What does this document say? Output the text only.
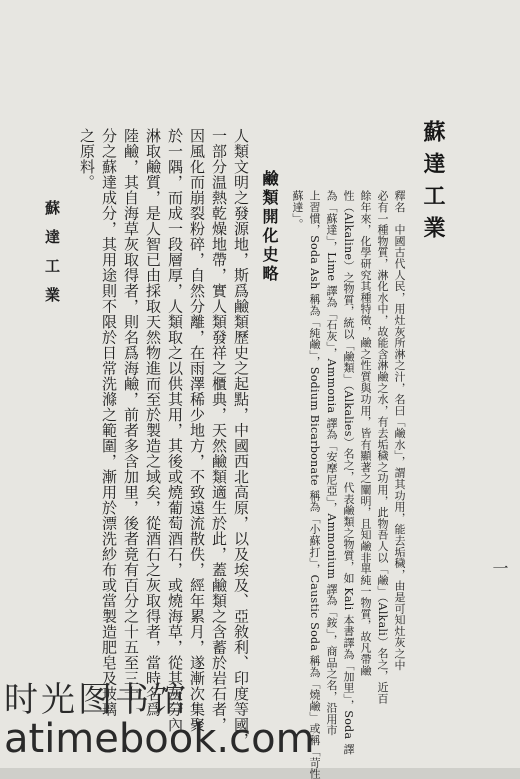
蘇達工業
釋名　中國古代人民，用灶灰所淋之汁，名曰「鹼水」，謂其功用，能去垢穢，由是可知灶灰之中
必有一種物質，淋化水中，故能含淋鹼之水，有去垢穢之功用，此物吾人以「鹼」（Alkali）名之，近百
餘年來，化學研究其種特徵，鹼之性質與功用，皆有顯著之闡明，且知鹼非單純一物質，故凡帶鹼
性（Alkaline）之物質，統以「鹼類」（Alkalies）名之，代表鹼類之物質，如 Kali 本書譯為「加里」，Soda 譯
為「蘇達」，Lime 譯為「石灰」，Ammonia 譯為「安摩尼亞」，Ammonium 譯為「銨」，商品之名，沿用市
上習慣，Soda Ash 稱為「純鹼」，Sodium Bicarbonate 稱為「小蘇打」，Caustic Soda 稱為「燒鹼」或稱「苛性
蘇達」。
鹼類開化史略
人類文明之發源地，斯爲鹼類歷史之起點，中國西北高原，以及埃及、亞敘利、印度等國，
一部分温熱乾燥地帶，實人類發祥之櫃典，天然鹼類適生於此，蓋鹼類之含蓄於岩石者，
因風化而崩裂粉碎，自然分離，在雨澤稀少地方，不致遠流散佚，經年累月，遂漸次集聚
於一隅，而成一段層厚，人類取之以供其用，其後或燒葡萄酒石，或燒海草，從其灰分內
淋取鹼質，是人智已由採取天然物進而至於製造之域矣，從酒石之灰取得者，當時名爲
陸鹼，其自海草灰取得者，則名爲海鹼，前者多含加里，後者竟有百分之十五至三十
分之蘇達成分，其用途則不限於日常洗滌之範圍，漸用於漂洗紗布或當製造肥皂及玻璃
之原料。
蘇達工業
一
时光图书馆
atimebook.com
